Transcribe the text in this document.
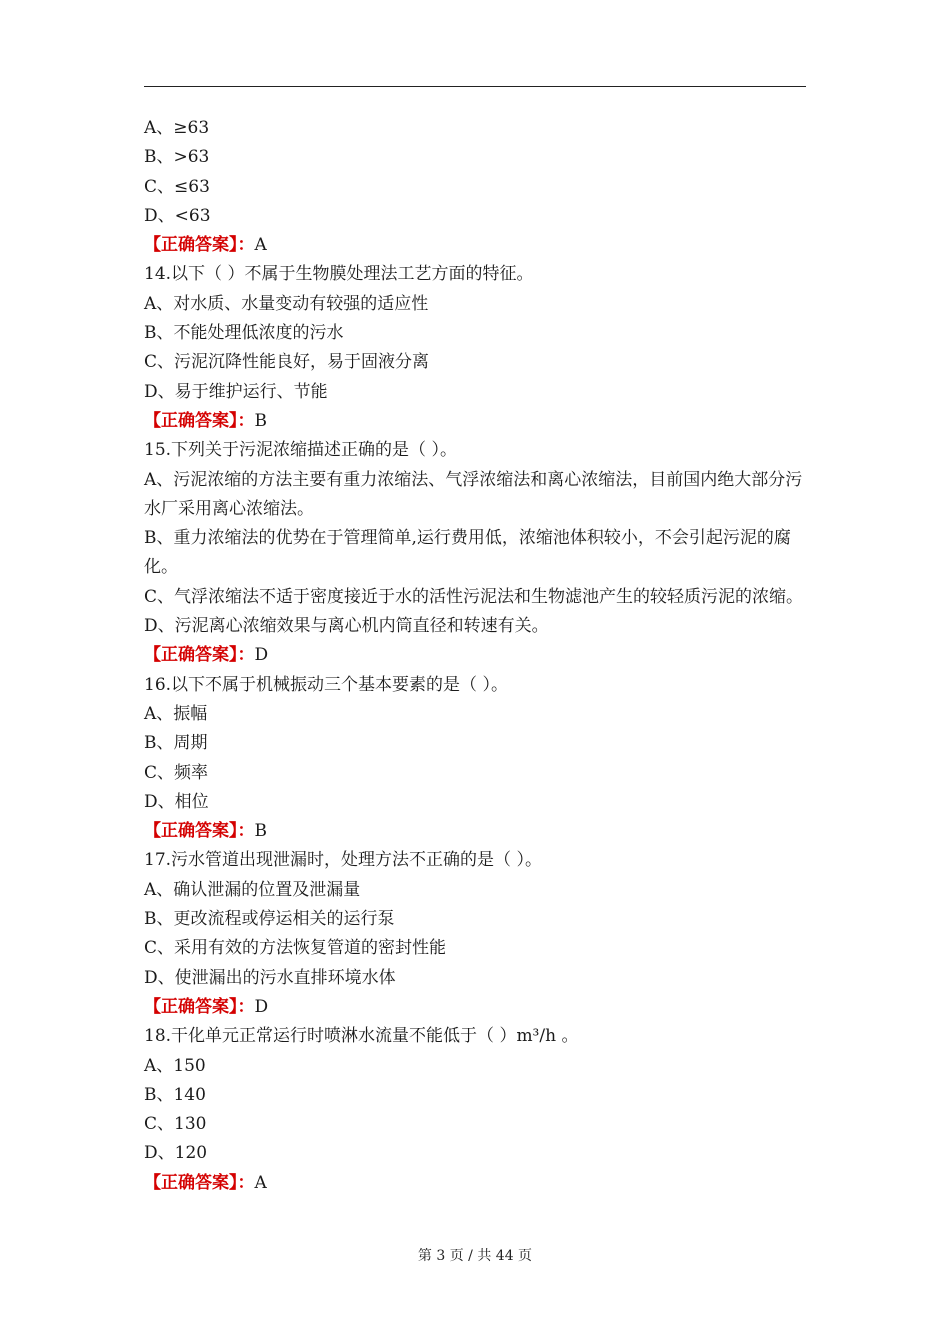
A、≥63
B、>63
C、≤63
D、<63
【正确答案】：A
14.以下（ ）不属于生物膜处理法工艺方面的特征。
A、对水质、水量变动有较强的适应性
B、不能处理低浓度的污水
C、污泥沉降性能良好，易于固液分离
D、易于维护运行、节能
【正确答案】：B
15.下列关于污泥浓缩描述正确的是（ ）。
A、污泥浓缩的方法主要有重力浓缩法、气浮浓缩法和离心浓缩法，目前国内绝大部分污水厂采用离心浓缩法。
B、重力浓缩法的优势在于管理简单,运行费用低，浓缩池体积较小，不会引起污泥的腐化。
C、气浮浓缩法不适于密度接近于水的活性污泥法和生物滤池产生的较轻质污泥的浓缩。
D、污泥离心浓缩效果与离心机内筒直径和转速有关。
【正确答案】：D
16.以下不属于机械振动三个基本要素的是（ ）。
A、振幅
B、周期
C、频率
D、相位
【正确答案】：B
17.污水管道出现泄漏时，处理方法不正确的是（ ）。
A、确认泄漏的位置及泄漏量
B、更改流程或停运相关的运行泵
C、采用有效的方法恢复管道的密封性能
D、使泄漏出的污水直排环境水体
【正确答案】：D
18.干化单元正常运行时喷淋水流量不能低于（ ）m³/h 。
A、150
B、140
C、130
D、120
【正确答案】：A
第 3 页 / 共 44 页
